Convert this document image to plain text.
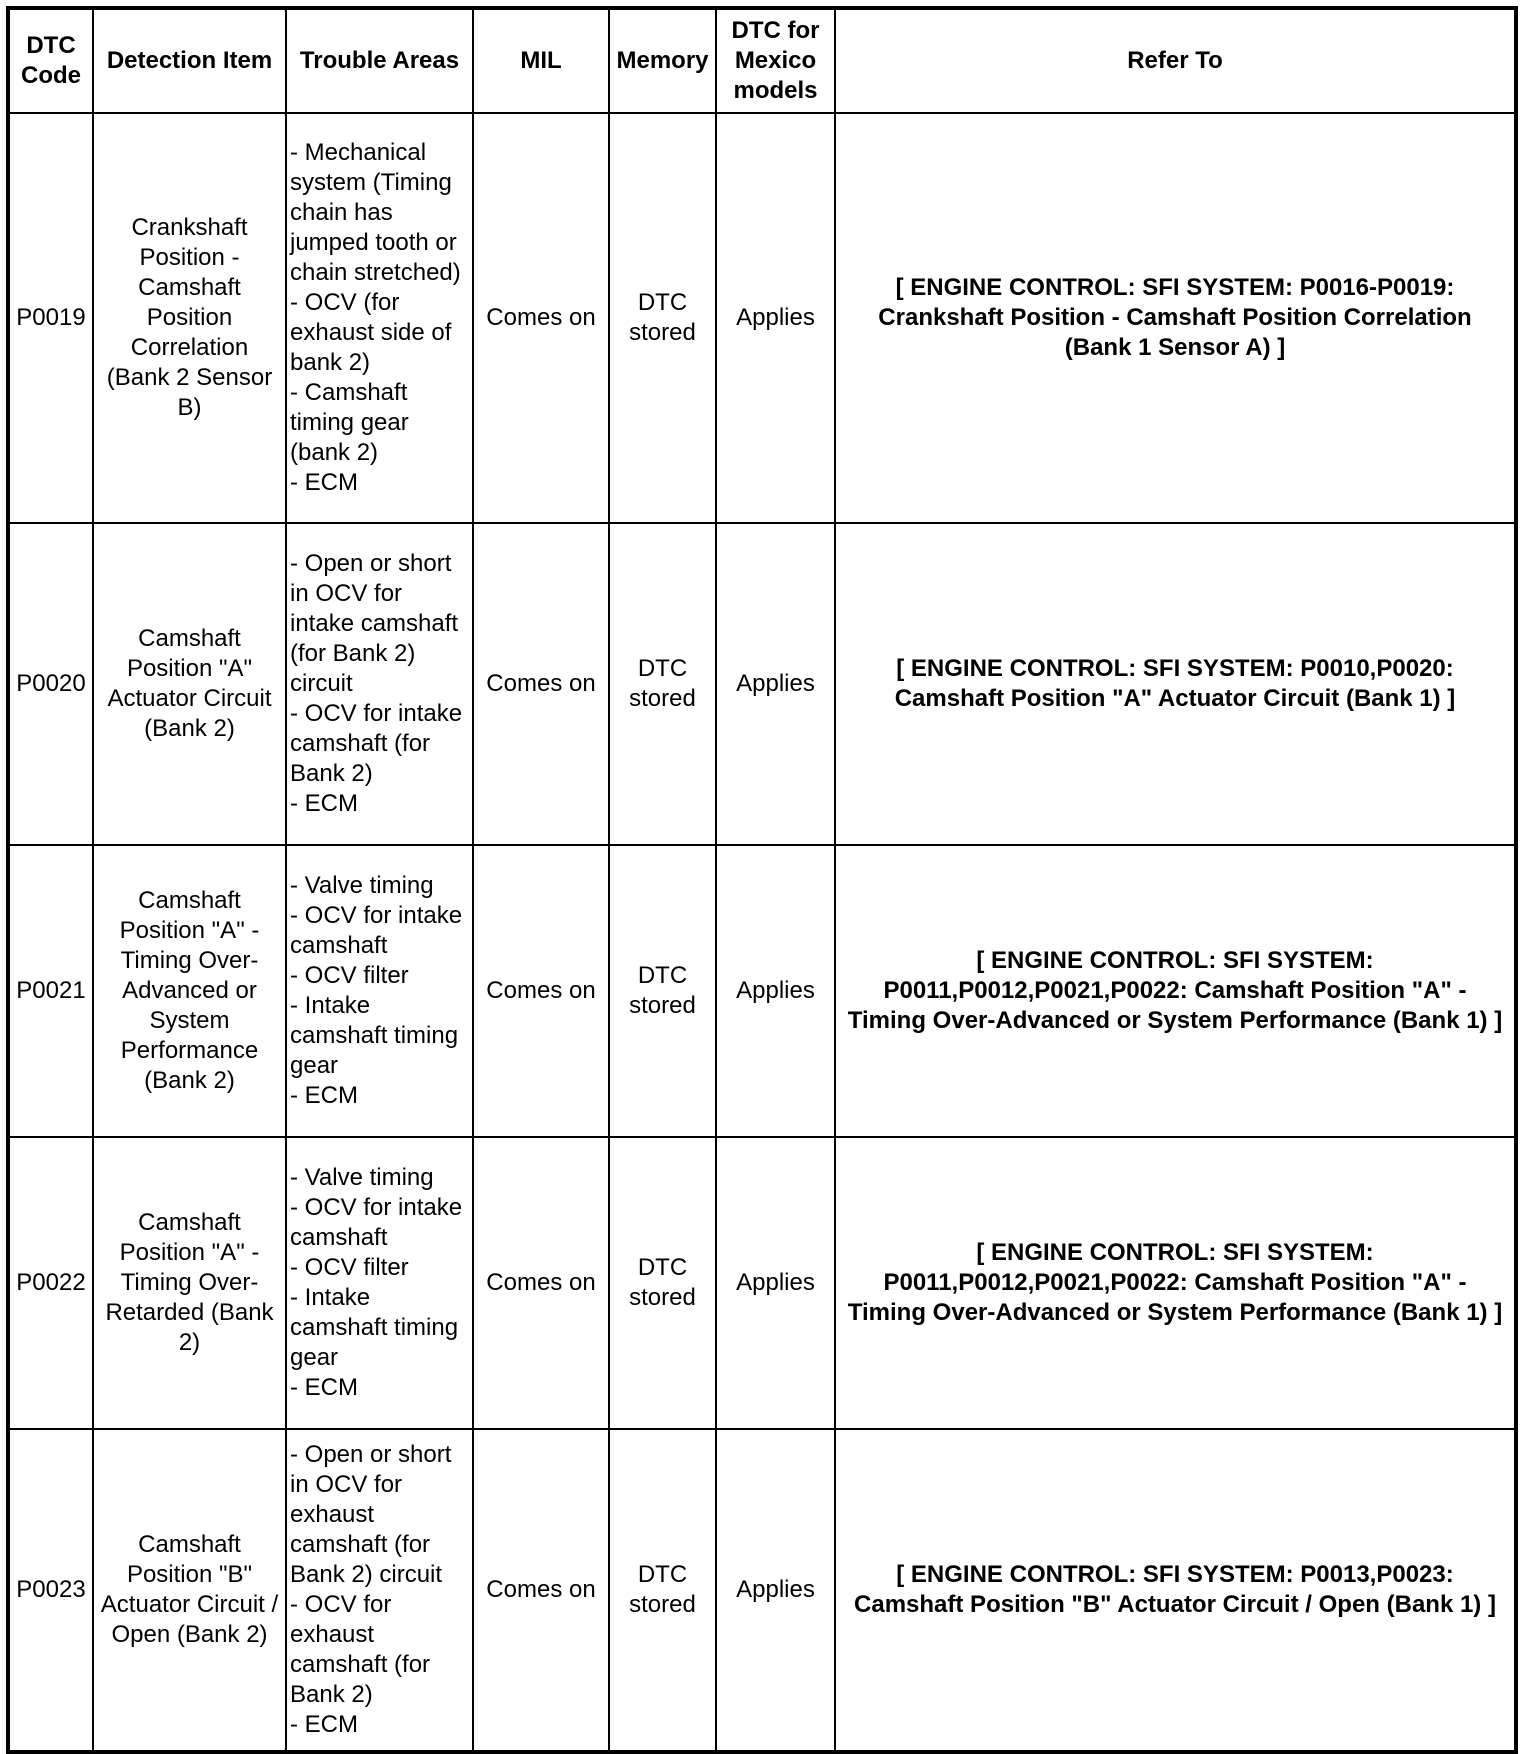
DTC Code	Detection Item	Trouble Areas	MIL	Memory	DTC for Mexico models	Refer To
P0019	Crankshaft Position - Camshaft Position Correlation (Bank 2 Sensor B)	- Mechanical system (Timing chain has jumped tooth or chain stretched)
- OCV (for exhaust side of bank 2)
- Camshaft timing gear (bank 2)
- ECM	Comes on	DTC stored	Applies	[ ENGINE CONTROL: SFI SYSTEM: P0016-P0019: Crankshaft Position - Camshaft Position Correlation (Bank 1 Sensor A) ]
P0020	Camshaft Position "A" Actuator Circuit (Bank 2)	- Open or short in OCV for intake camshaft (for Bank 2) circuit
- OCV for intake camshaft (for Bank 2)
- ECM	Comes on	DTC stored	Applies	[ ENGINE CONTROL: SFI SYSTEM: P0010,P0020: Camshaft Position "A" Actuator Circuit (Bank 1) ]
P0021	Camshaft Position "A" - Timing Over-Advanced or System Performance (Bank 2)	- Valve timing
- OCV for intake camshaft
- OCV filter
- Intake camshaft timing gear
- ECM	Comes on	DTC stored	Applies	[ ENGINE CONTROL: SFI SYSTEM: P0011,P0012,P0021,P0022: Camshaft Position "A" - Timing Over-Advanced or System Performance (Bank 1) ]
P0022	Camshaft Position "A" - Timing Over-Retarded (Bank 2)	- Valve timing
- OCV for intake camshaft
- OCV filter
- Intake camshaft timing gear
- ECM	Comes on	DTC stored	Applies	[ ENGINE CONTROL: SFI SYSTEM: P0011,P0012,P0021,P0022: Camshaft Position "A" - Timing Over-Advanced or System Performance (Bank 1) ]
P0023	Camshaft Position "B" Actuator Circuit / Open (Bank 2)	- Open or short in OCV for exhaust camshaft (for Bank 2) circuit
- OCV for exhaust camshaft (for Bank 2)
- ECM	Comes on	DTC stored	Applies	[ ENGINE CONTROL: SFI SYSTEM: P0013,P0023: Camshaft Position "B" Actuator Circuit / Open (Bank 1) ]
